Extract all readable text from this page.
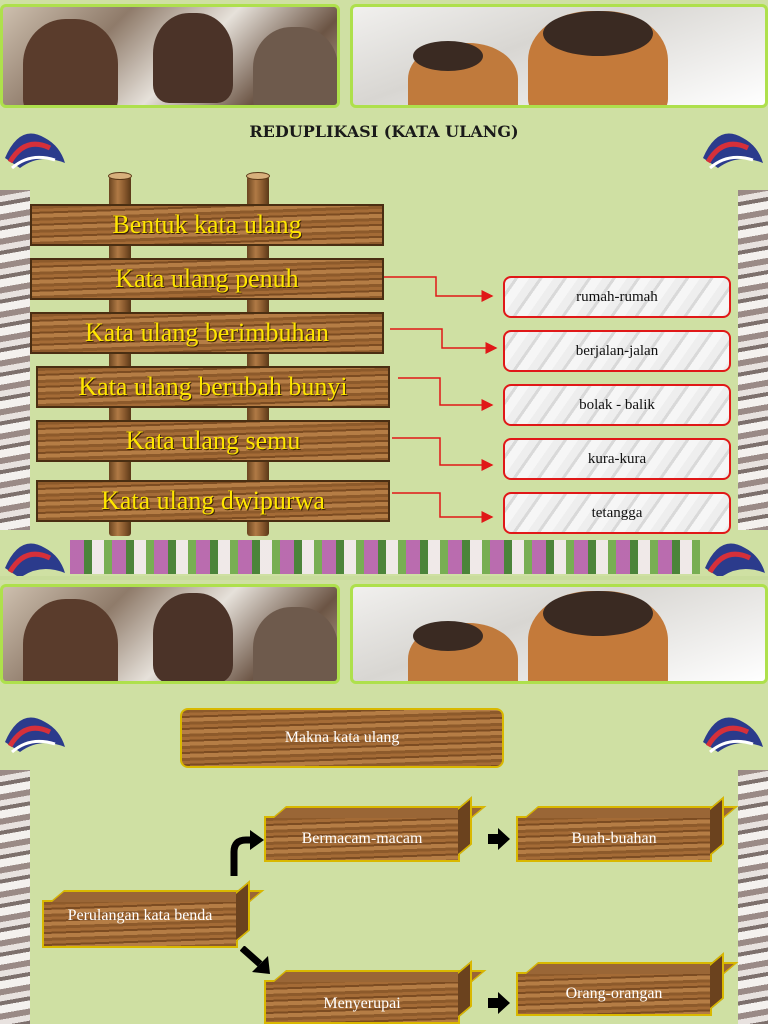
REDUPLIKASI (KATA ULANG)
Bentuk kata ulang
Kata ulang penuh
Kata ulang berimbuhan
Kata ulang berubah bunyi
Kata ulang semu
Kata ulang dwipurwa
rumah-rumah
berjalan-jalan
bolak - balik
kura-kura
tetangga
Makna kata ulang
Perulangan kata benda
Bermacam-macam	Buah-buahan
Menyerupai
Orang-orangan
